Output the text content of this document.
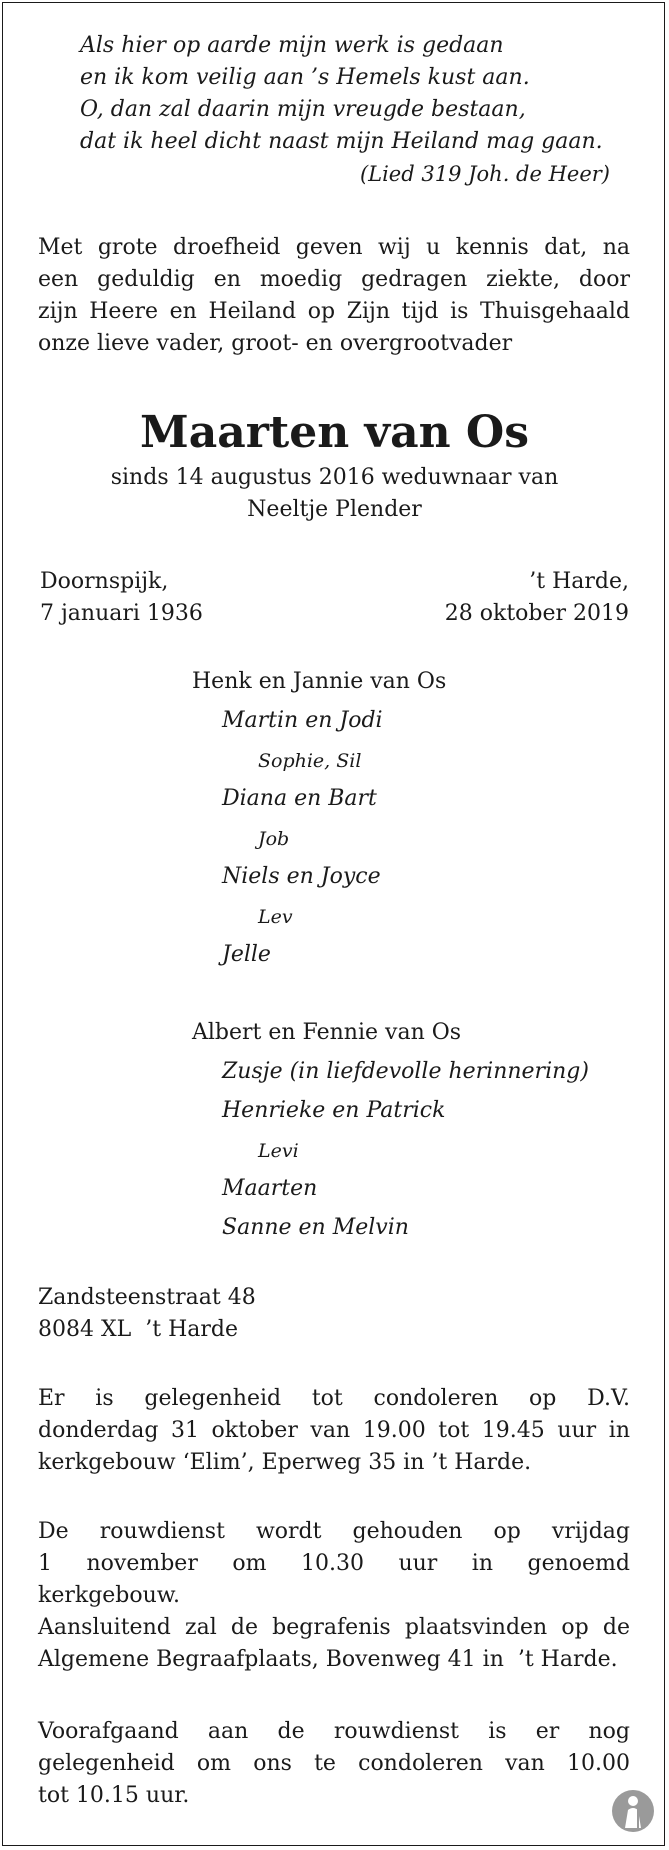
Als hier op aarde mijn werk is gedaan
en ik kom veilig aan ’s Hemels kust aan.
O, dan zal daarin mijn vreugde bestaan,
dat ik heel dicht naast mijn Heiland mag gaan.
(Lied 319 Joh. de Heer)
Met grote droefheid geven wij u kennis dat, na
een geduldig en moedig gedragen ziekte, door
zijn Heere en Heiland op Zijn tijd is Thuisgehaald
onze lieve vader, groot- en overgrootvader
Maarten van Os
sinds 14 augustus 2016 weduwnaar van
Neeltje Plender
Doornspijk,
7 januari 1936
’t Harde,
28 oktober 2019
Henk en Jannie van Os
Martin en Jodi
Sophie, Sil
Diana en Bart
Job
Niels en Joyce
Lev
Jelle
Albert en Fennie van Os
Zusje (in liefdevolle herinnering)
Henrieke en Patrick
Levi
Maarten
Sanne en Melvin
Zandsteenstraat 48
8084 XL  ’t Harde
Er is gelegenheid tot condoleren op D.V.
donderdag 31 oktober van 19.00 tot 19.45 uur in
kerkgebouw ‘Elim’, Eperweg 35 in ’t Harde.
De rouwdienst wordt gehouden op vrijdag
1 november om 10.30 uur in genoemd
kerkgebouw.
Aansluitend zal de begrafenis plaatsvinden op de
Algemene Begraafplaats, Bovenweg 41 in  ’t Harde.
Voorafgaand aan de rouwdienst is er nog
gelegenheid om ons te condoleren van 10.00
tot 10.15 uur.
